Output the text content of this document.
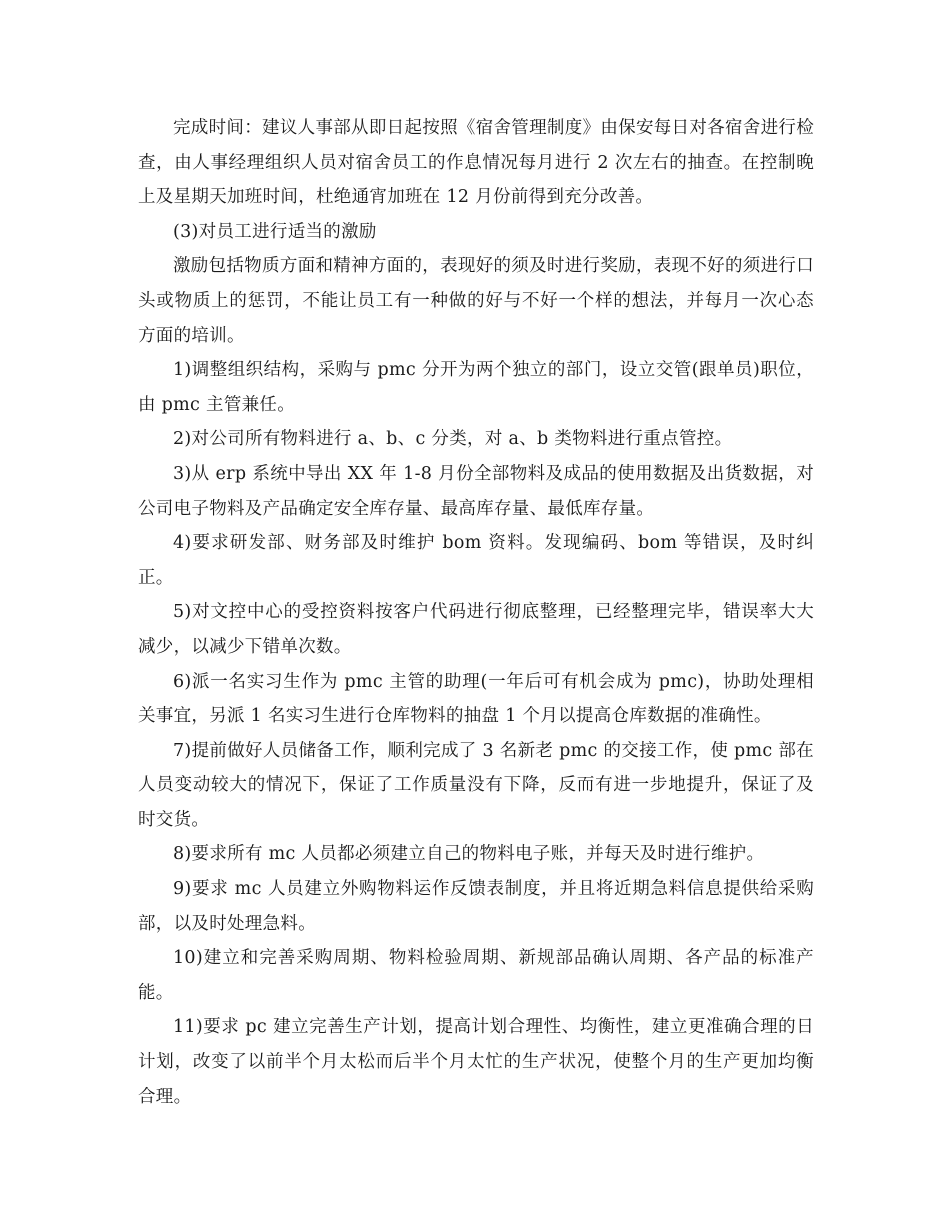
完成时间：建议人事部从即日起按照《宿舍管理制度》由保安每日对各宿舍进行检查，由人事经理组织人员对宿舍员工的作息情况每月进行 2 次左右的抽查。在控制晚上及星期天加班时间，杜绝通宵加班在 12 月份前得到充分改善。

(3)对员工进行适当的激励

激励包括物质方面和精神方面的，表现好的须及时进行奖励，表现不好的须进行口头或物质上的惩罚，不能让员工有一种做的好与不好一个样的想法，并每月一次心态方面的培训。

1)调整组织结构，采购与 pmc 分开为两个独立的部门，设立交管(跟单员)职位，由 pmc 主管兼任。

2)对公司所有物料进行 a、b、c 分类，对 a、b 类物料进行重点管控。

3)从 erp 系统中导出 XX 年 1-8 月份全部物料及成品的使用数据及出货数据，对公司电子物料及产品确定安全库存量、最高库存量、最低库存量。

4)要求研发部、财务部及时维护 bom 资料。发现编码、bom 等错误，及时纠正。

5)对文控中心的受控资料按客户代码进行彻底整理，已经整理完毕，错误率大大减少，以减少下错单次数。

6)派一名实习生作为 pmc 主管的助理(一年后可有机会成为 pmc)，协助处理相关事宜，另派 1 名实习生进行仓库物料的抽盘 1 个月以提高仓库数据的准确性。

7)提前做好人员储备工作，顺利完成了 3 名新老 pmc 的交接工作，使 pmc 部在人员变动较大的情况下，保证了工作质量没有下降，反而有进一步地提升，保证了及时交货。

8)要求所有 mc 人员都必须建立自己的物料电子账，并每天及时进行维护。

9)要求 mc 人员建立外购物料运作反馈表制度，并且将近期急料信息提供给采购部，以及时处理急料。

10)建立和完善采购周期、物料检验周期、新规部品确认周期、各产品的标准产能。

11)要求 pc 建立完善生产计划，提高计划合理性、均衡性，建立更准确合理的日计划，改变了以前半个月太松而后半个月太忙的生产状况，使整个月的生产更加均衡合理。
